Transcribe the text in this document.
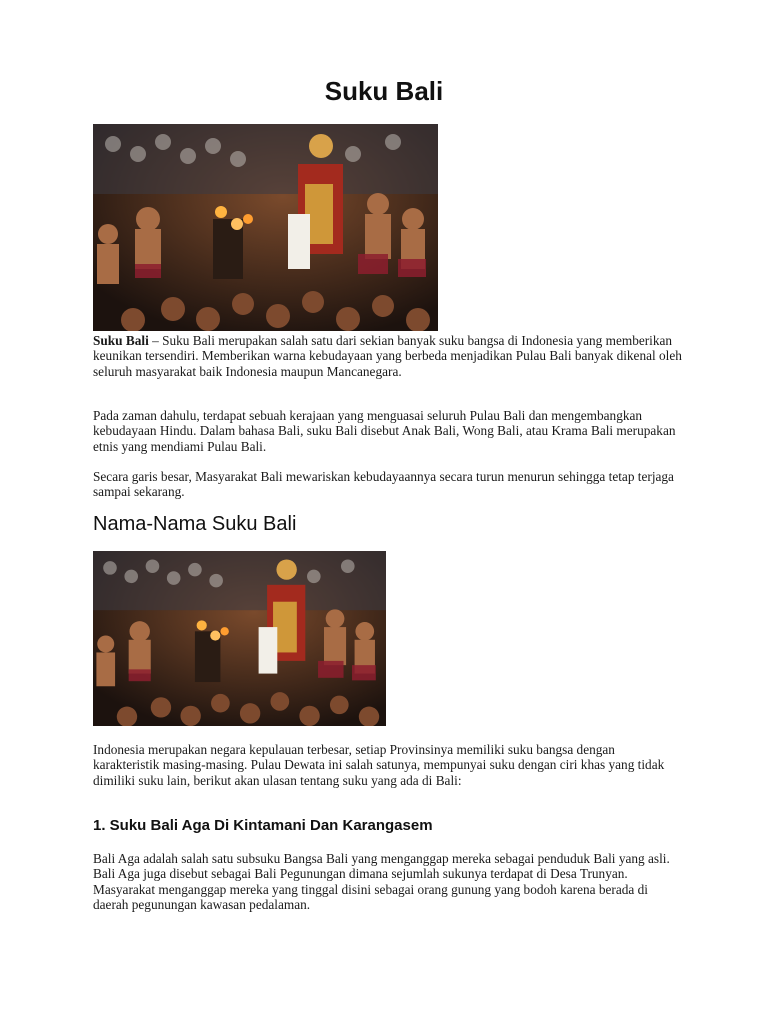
Suku Bali

Suku Bali – Suku Bali merupakan salah satu dari sekian banyak suku bangsa di Indonesia yang memberikan keunikan tersendiri. Memberikan warna kebudayaan yang berbeda menjadikan Pulau Bali banyak dikenal oleh seluruh masyarakat baik Indonesia maupun Mancanegara.

Pada zaman dahulu, terdapat sebuah kerajaan yang menguasai seluruh Pulau Bali dan mengembangkan kebudayaan Hindu. Dalam bahasa Bali, suku Bali disebut Anak Bali, Wong Bali, atau Krama Bali merupakan etnis yang mendiami Pulau Bali.

Secara garis besar, Masyarakat Bali mewariskan kebudayaannya secara turun menurun sehingga tetap terjaga sampai sekarang.

Nama-Nama Suku Bali

Indonesia merupakan negara kepulauan terbesar, setiap Provinsinya memiliki suku bangsa dengan karakteristik masing-masing. Pulau Dewata ini salah satunya, mempunyai suku dengan ciri khas yang tidak dimiliki suku lain, berikut akan ulasan tentang suku yang ada di Bali:

1. Suku Bali Aga Di Kintamani Dan Karangasem

Bali Aga adalah salah satu subsuku Bangsa Bali yang menganggap mereka sebagai penduduk Bali yang asli. Bali Aga juga disebut sebagai Bali Pegunungan dimana sejumlah sukunya terdapat di Desa Trunyan. Masyarakat menganggap mereka yang tinggal disini sebagai orang gunung yang bodoh karena berada di daerah pegunungan kawasan pedalaman.
